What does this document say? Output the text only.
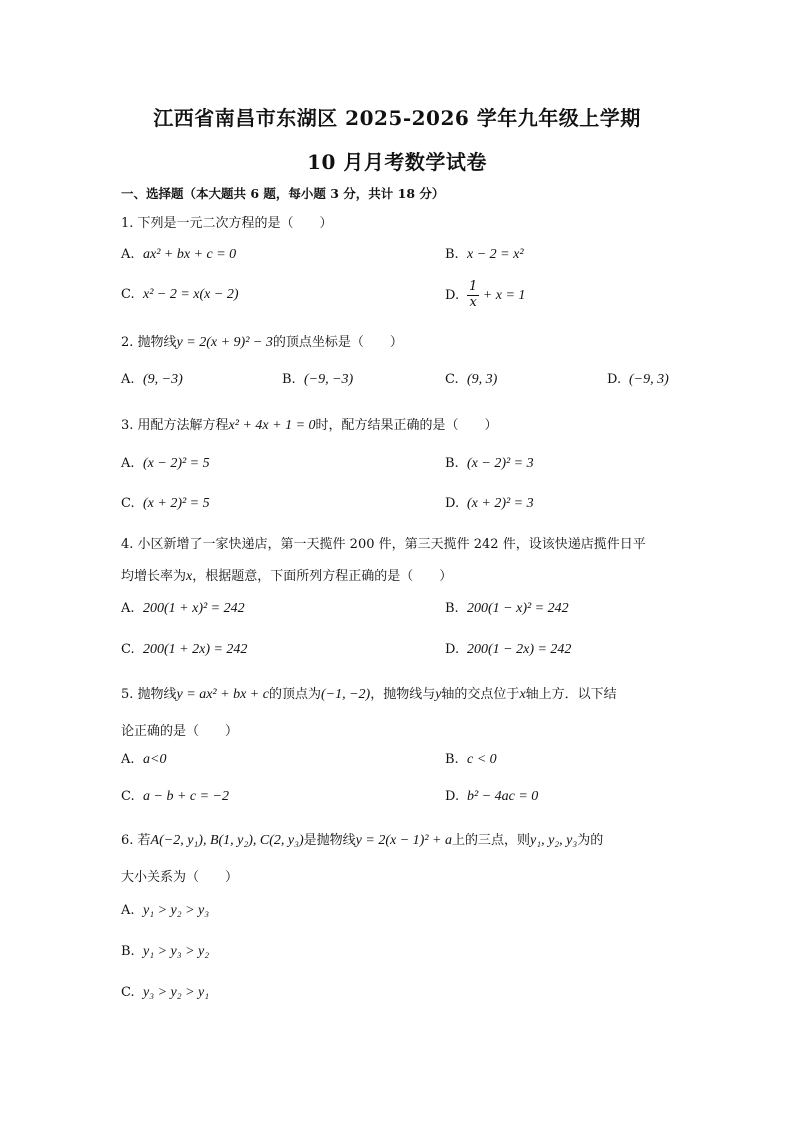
江西省南昌市东湖区 2025-2026 学年九年级上学期
10 月月考数学试卷
一、选择题（本大题共 6 题，每小题 3 分，共计 18 分）
1. 下列是一元二次方程的是（　　）
A. ax² + bx + c = 0	B. x − 2 = x²
C. x² − 2 = x(x − 2)	D. $\frac{1}{x} + x = 1$
2. 抛物线y = 2(x + 9)² − 3的顶点坐标是（　　）
A. (9, −3)	B. (−9, −3)	C. (9, 3)	D. (−9, 3)
3. 用配方法解方程x² + 4x + 1 = 0时，配方结果正确的是（　　）
A. (x − 2)² = 5	B. (x − 2)² = 3
C. (x + 2)² = 5	D. (x + 2)² = 3
4. 小区新增了一家快递店，第一天揽件 200 件，第三天揽件 242 件，设该快递店揽件日平
均增长率为x，根据题意，下面所列方程正确的是（　　）
A. 200(1 + x)² = 242	B. 200(1 − x)² = 242
C. 200(1 + 2x) = 242	D. 200(1 − 2x) = 242
5. 抛物线y = ax² + bx + c的顶点为(−1, −2)，抛物线与y轴的交点位于x轴上方．以下结
论正确的是（　　）
A. a<0	B. c < 0
C. a − b + c = −2	D. b² − 4ac = 0
6. 若A(−2, y₁), B(1, y₂), C(2, y₃)是抛物线y = 2(x − 1)² + a上的三点，则y₁, y₂, y₃为的
大小关系为（　　）
A. y₁ > y₂ > y₃
B. y₁ > y₃ > y₂
C. y₃ > y₂ > y₁
